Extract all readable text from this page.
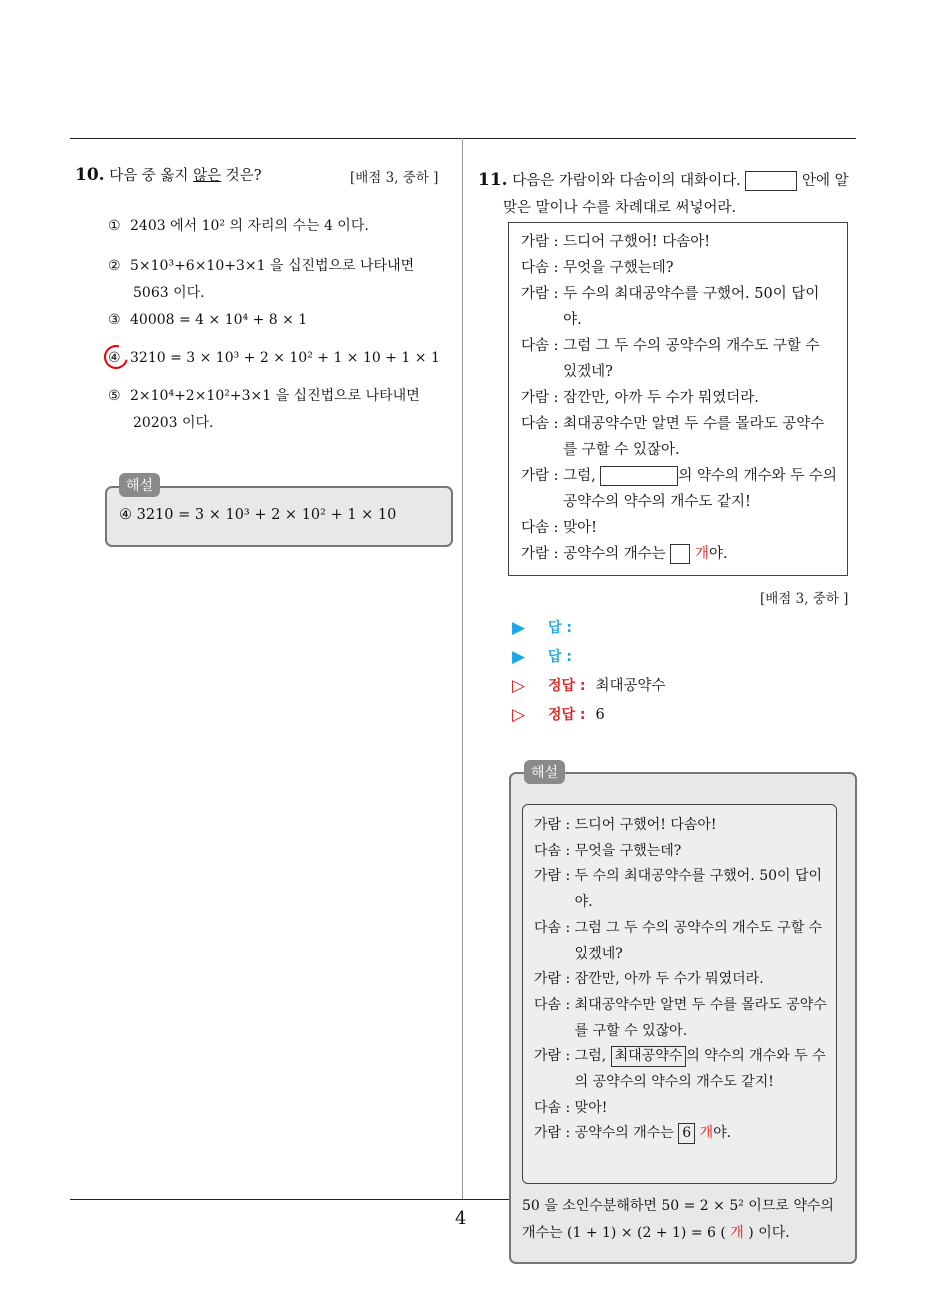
10. 다음 중 옳지 않은 것은?	[배점 3, 중하 ]
① 2403 에서 10² 의 자리의 수는 4 이다.
② 5×10³+6×10+3×1 을 십진법으로 나타내면
5063 이다.
③ 40008 = 4 × 10⁴ + 8 × 1
④ 3210 = 3 × 10³ + 2 × 10² + 1 × 10 + 1 × 1
⑤ 2×10⁴+2×10²+3×1 을 십진법으로 나타내면
20203 이다.
④ 3210 = 3 × 10³ + 2 × 10² + 1 × 10
해설
11. 다음은 가람이와 다솜이의 대화이다.	안에 알
맞은 말이나 수를 차례대로 써넣어라.
가람 : 드디어 구했어! 다솜아!
다솜 : 무엇을 구했는데?
가람 : 두 수의 최대공약수를 구했어. 50이 답이야.
다솜 : 그럼 그 두 수의 공약수의 개수도 구할 수 있겠네?
가람 : 잠깐만, 아까 두 수가 뭐였더라.
다솜 : 최대공약수만 알면 두 수를 몰라도 공약수를 구할 수 있잖아.
가람 : 그럼,	의 약수의 개수와 두 수의 공약수의 약수의 개수도 같지!
다솜 : 맞아!
가람 : 공약수의 개수는  개야.
[배점 3, 중하 ]
▶	답 :
▶	답 :
▷	정답 : 최대공약수
▷	정답 : 6
해설
가람 : 드디어 구했어! 다솜아!
다솜 : 무엇을 구했는데?
가람 : 두 수의 최대공약수를 구했어. 50이 답이야.
다솜 : 그럼 그 두 수의 공약수의 개수도 구할 수 있겠네?
가람 : 잠깐만, 아까 두 수가 뭐였더라.
다솜 : 최대공약수만 알면 두 수를 몰라도 공약수를 구할 수 있잖아.
가람 : 그럼, 최대공약수 의 약수의 개수와 두 수의 공약수의 약수의 개수도 같지!
다솜 : 맞아!
가람 : 공약수의 개수는 6 개야.
50 을 소인수분해하면 50 = 2 × 5² 이므로 약수의 개수는 (1 + 1) × (2 + 1) = 6 ( 개 ) 이다.
4
